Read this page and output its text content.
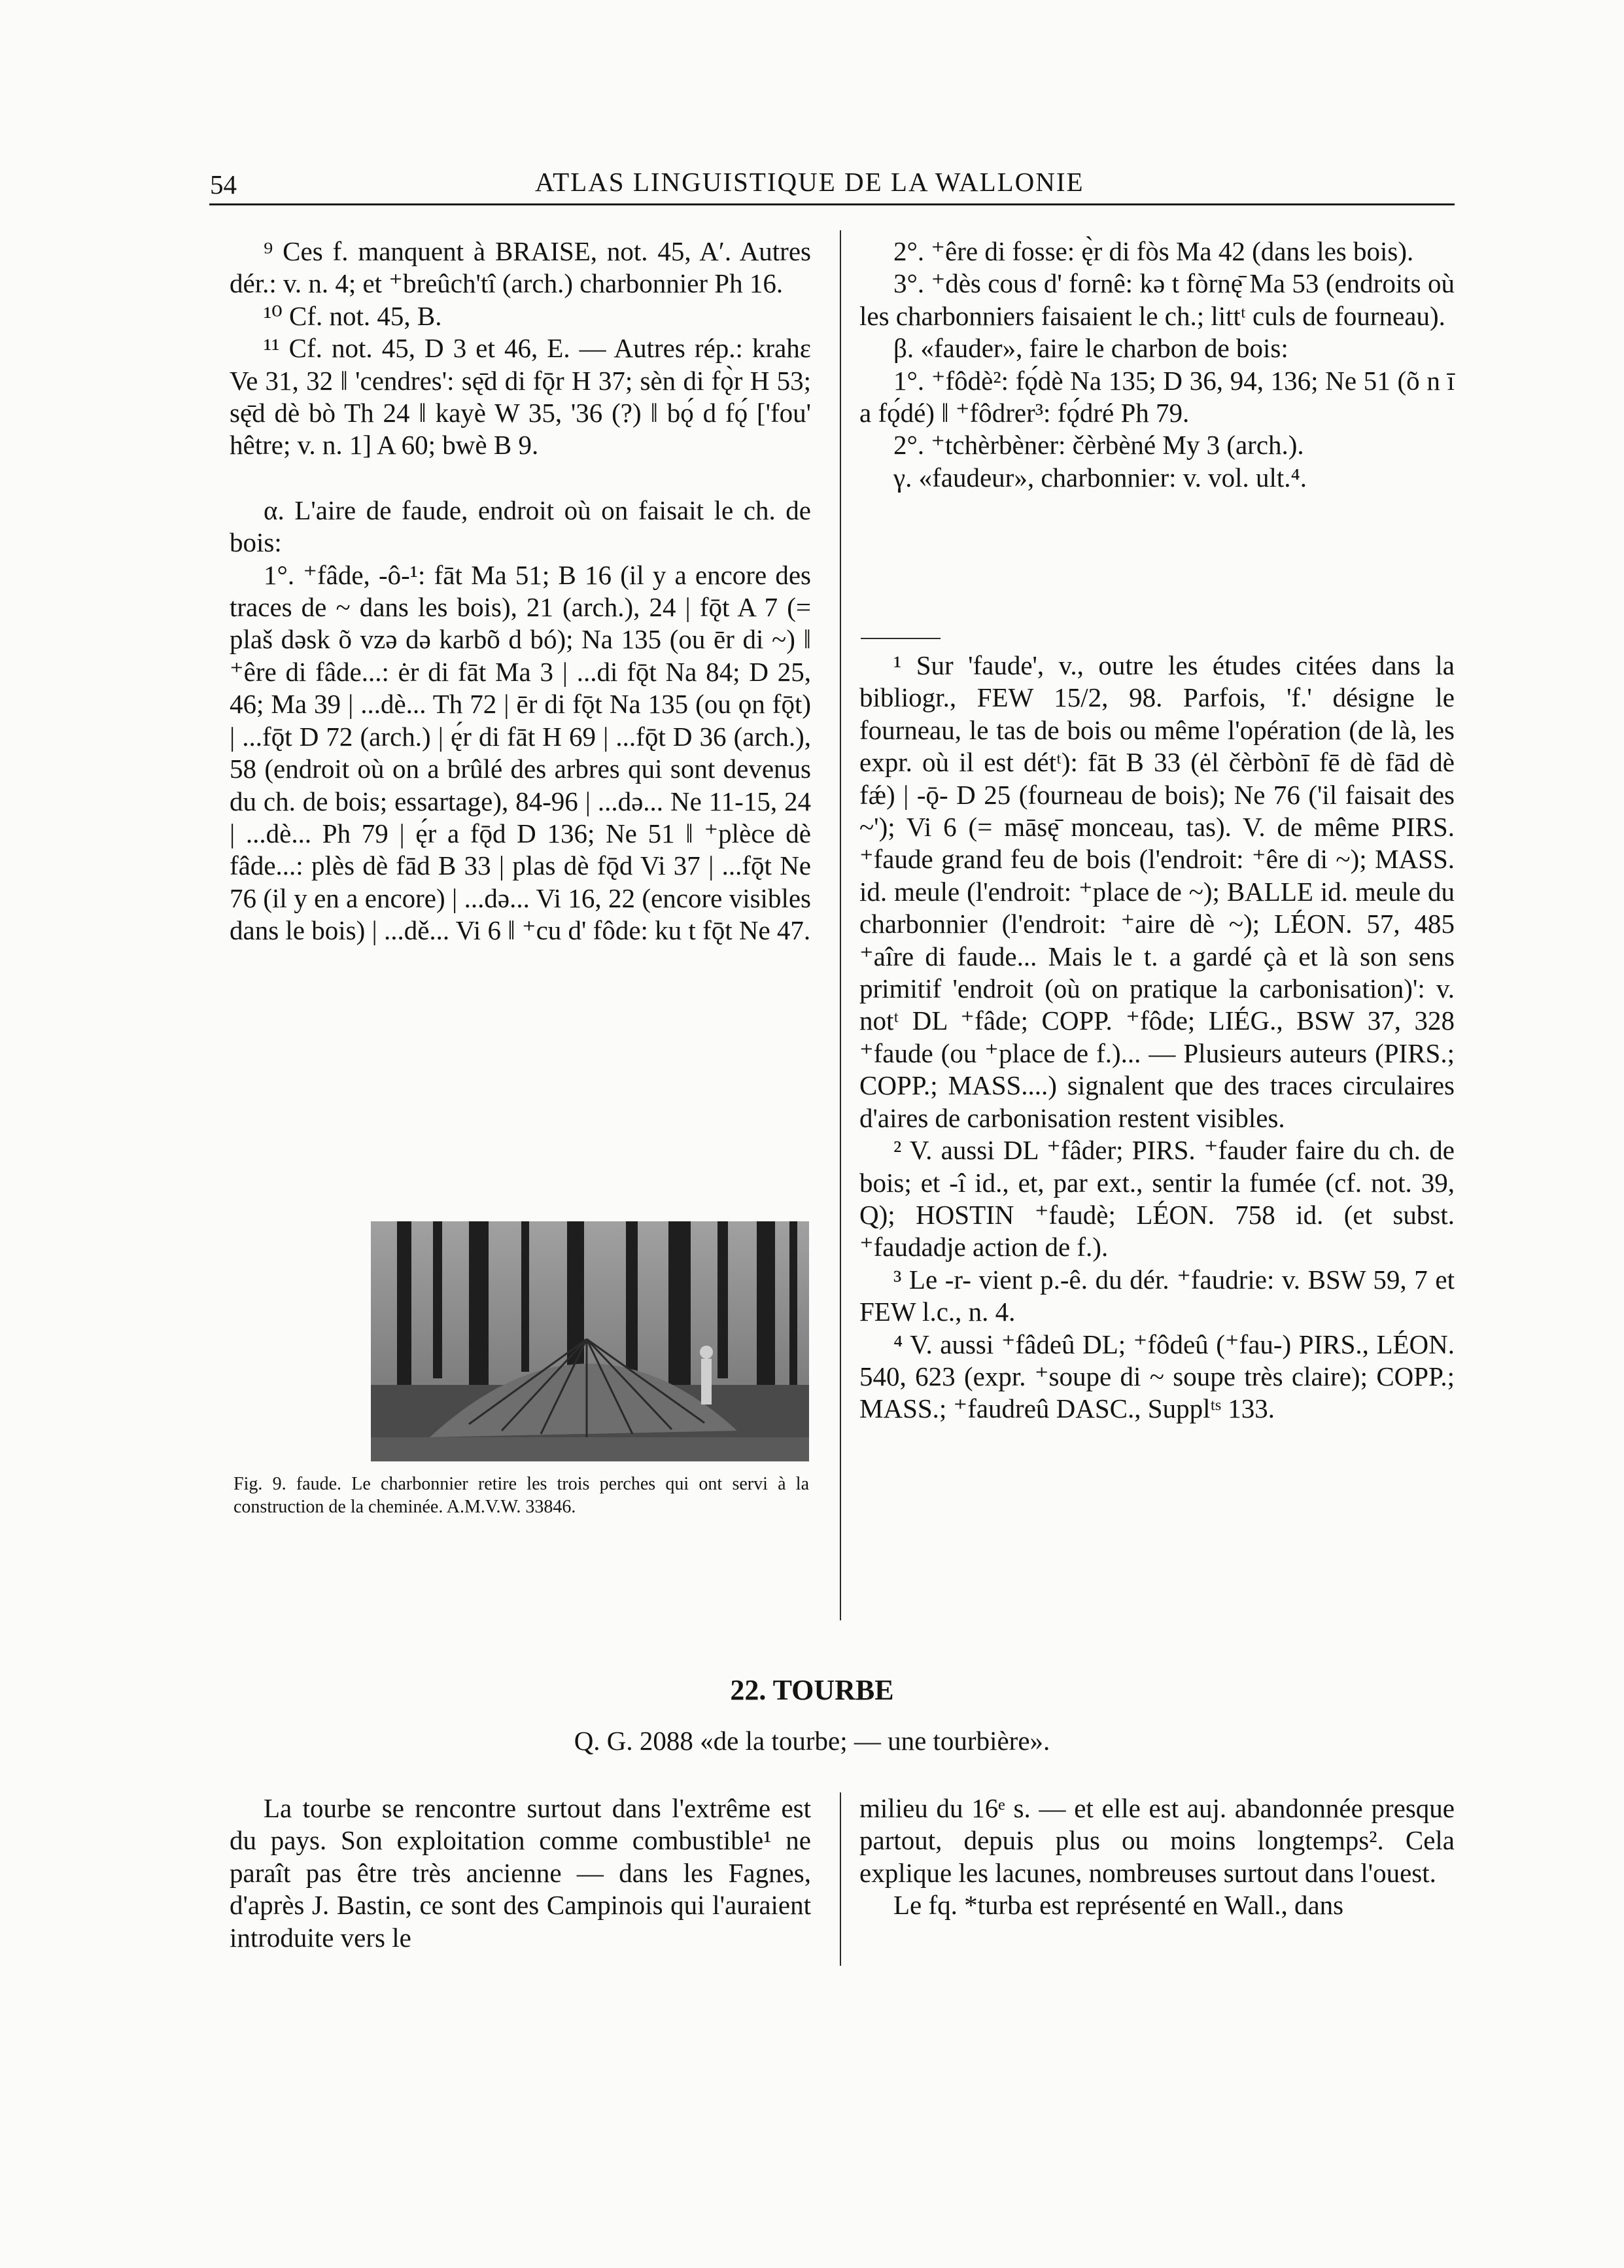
54	ATLAS LINGUISTIQUE DE LA WALLONIE

⁹ Ces f. manquent à BRAISE, not. 45, A′. Autres dér.: v. n. 4; et ⁺breûch'tî (arch.) charbonnier Ph 16.

¹⁰ Cf. not. 45, B.

¹¹ Cf. not. 45, D 3 et 46, E. — Autres rép.: krahɛ Ve 31, 32 ‖ 'cendres': sę̄d di fǭr H 37; sèn di fǫ̀r H 53; sę̄d dè bò Th 24 ‖ kayè W 35, '36 (?) ‖ bǫ́ d fǫ́ ['fou' hêtre; v. n. 1] A 60; bwè B 9.

α. L'aire de faude, endroit où on faisait le ch. de bois:

1°. ⁺fâde, -ô-¹: fāt Ma 51; B 16 (il y a encore des traces de ~ dans les bois), 21 (arch.), 24 | fǭt A 7 (= plaš dəsk õ vzə də karbõ d bó); Na 135 (ou ēr di ~) ‖ ⁺êre di fâde...: ėr di fāt Ma 3 | ...di fǭt Na 84; D 25, 46; Ma 39 | ...dè... Th 72 | ēr di fǭt Na 135 (ou ǫn fǭt) | ...fǭt D 72 (arch.) | ę́r di fāt H 69 | ...fǭt D 36 (arch.), 58 (endroit où on a brûlé des arbres qui sont devenus du ch. de bois; essartage), 84-96 | ...də... Ne 11-15, 24 | ...dè... Ph 79 | ę́r a fǭd D 136; Ne 51 ‖ ⁺plèce dè fâde...: plès dè fād B 33 | plas dè fǭd Vi 37 | ...fǭt Ne 76 (il y en a encore) | ...də... Vi 16, 22 (encore visibles dans le bois) | ...dě... Vi 6 ‖ ⁺cu d' fôde: ku t fǭt Ne 47.

Fig. 9. faude. Le charbonnier retire les trois perches qui ont servi à la construction de la cheminée. A.M.V.W. 33846.

2°. ⁺êre di fosse: ę̀r di fòs Ma 42 (dans les bois).

3°. ⁺dès cous d' fornê: kə t fòrnę̄ Ma 53 (endroits où les charbonniers faisaient le ch.; littᵗ culs de fourneau).

β. «fauder», faire le charbon de bois:

1°. ⁺fôdè²: fǫ́dè Na 135; D 36, 94, 136; Ne 51 (õ n ī a fǫ́dé) ‖ ⁺fôdrer³: fǫ́dré Ph 79.

2°. ⁺tchèrbèner: čèrbèné My 3 (arch.).

γ. «faudeur», charbonnier: v. vol. ult.⁴.

¹ Sur 'faude', v., outre les études citées dans la bibliogr., FEW 15/2, 98. Parfois, 'f.' désigne le fourneau, le tas de bois ou même l'opération (de là, les expr. où il est détᵗ): fāt B 33 (ėl čèrbònī fē dè fād dè fǽ) | -ǭ- D 25 (fourneau de bois); Ne 76 ('il faisait des ~'); Vi 6 (= māsę̄ monceau, tas). V. de même PIRS. ⁺faude grand feu de bois (l'endroit: ⁺êre di ~); MASS. id. meule (l'endroit: ⁺place de ~); BALLE id. meule du charbonnier (l'endroit: ⁺aire dè ~); LÉON. 57, 485 ⁺aîre di faude... Mais le t. a gardé çà et là son sens primitif 'endroit (où on pratique la carbonisation)': v. notᵗ DL ⁺fâde; COPP. ⁺fôde; LIÉG., BSW 37, 328 ⁺faude (ou ⁺place de f.)... — Plusieurs auteurs (PIRS.; COPP.; MASS....) signalent que des traces circulaires d'aires de carbonisation restent visibles.

² V. aussi DL ⁺fâder; PIRS. ⁺fauder faire du ch. de bois; et -î id., et, par ext., sentir la fumée (cf. not. 39, Q); HOSTIN ⁺faudè; LÉON. 758 id. (et subst. ⁺faudadje action de f.).

³ Le -r- vient p.-ê. du dér. ⁺faudrie: v. BSW 59, 7 et FEW l.c., n. 4.

⁴ V. aussi ⁺fâdeû DL; ⁺fôdeû (⁺fau-) PIRS., LÉON. 540, 623 (expr. ⁺soupe di ~ soupe très claire); COPP.; MASS.; ⁺faudreû DASC., Supplᵗˢ 133.

22. TOURBE
Q. G. 2088 «de la tourbe; — une tourbière».

La tourbe se rencontre surtout dans l'extrême est du pays. Son exploitation comme combustible¹ ne paraît pas être très ancienne — dans les Fagnes, d'après J. Bastin, ce sont des Campinois qui l'auraient introduite vers le

milieu du 16ᵉ s. — et elle est auj. abandonnée presque partout, depuis plus ou moins longtemps². Cela explique les lacunes, nombreuses surtout dans l'ouest.

Le fq. *turba est représenté en Wall., dans
